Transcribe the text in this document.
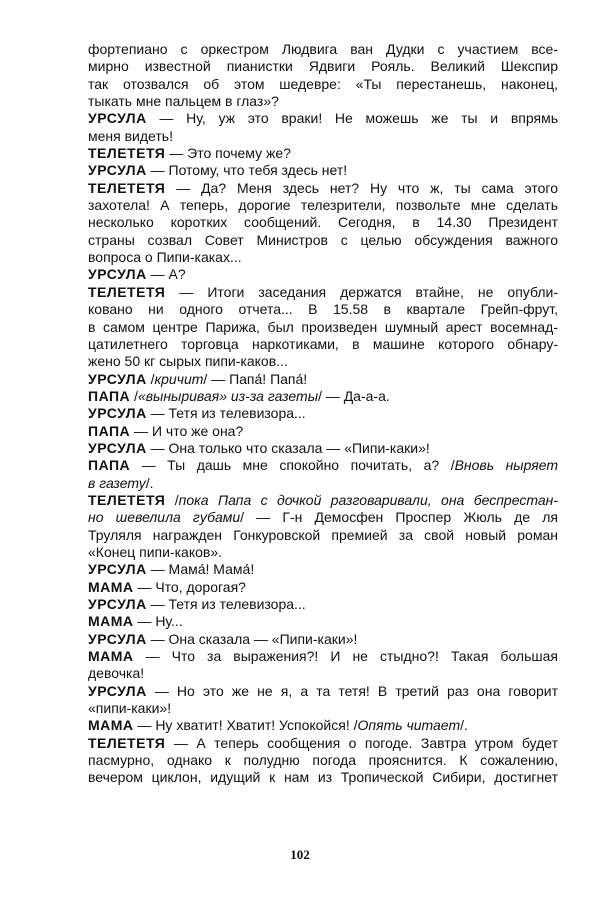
фортепиано с оркестром Людвига ван Дудки с участием все-
мирно известной пианистки Ядвиги Рояль. Великий Шекспир
так отозвался об этом шедевре: «Ты перестанешь, наконец,
тыкать мне пальцем в глаз»?
УРСУЛА — Ну, уж это враки! Не можешь же ты и впрямь
меня видеть!
ТЕЛЕТЕТЯ — Это почему же?
УРСУЛА — Потому, что тебя здесь нет!
ТЕЛЕТЕТЯ — Да? Меня здесь нет? Ну что ж, ты сама этого
захотела! А теперь, дорогие телезрители, позвольте мне сделать
несколько коротких сообщений. Сегодня, в 14.30 Президент
страны созвал Совет Министров с целью обсуждения важного
вопроса о Пипи-каках...
УРСУЛА — А?
ТЕЛЕТЕТЯ — Итоги заседания держатся втайне, не опубли-
ковано ни одного отчета... В 15.58 в квартале Грейп-фрут,
в самом центре Парижа, был произведен шумный арест восемнад-
цатилетнего торговца наркотиками, в машине которого обнару-
жено 50 кг сырых пипи-каков...
УРСУЛА /кричит/ — Папа́! Папа́!
ПАПА /«выныривая» из-за газеты/ — Да-а-а.
УРСУЛА — Тетя из телевизора...
ПАПА — И что же она?
УРСУЛА — Она только что сказала — «Пипи-каки»!
ПАПА — Ты дашь мне спокойно почитать, а? /Вновь ныряет
в газету/.
ТЕЛЕТЕТЯ /пока Папа с дочкой разговаривали, она беспрестан-
но шевелила губами/ — Г-н Демосфен Проспер Жюль де ля
Труляля награжден Гонкуровской премией за свой новый роман
«Конец пипи-каков».
УРСУЛА — Мама́! Мама́!
МАМА — Что, дорогая?
УРСУЛА — Тетя из телевизора...
МАМА — Ну...
УРСУЛА — Она сказала — «Пипи-каки»!
МАМА — Что за выражения?! И не стыдно?! Такая большая
девочка!
УРСУЛА — Но это же не я, а та тетя! В третий раз она говорит
«пипи-каки»!
МАМА — Ну хватит! Хватит! Успокойся! /Опять читает/.
ТЕЛЕТЕТЯ — А теперь сообщения о погоде. Завтра утром будет
пасмурно, однако к полудню погода прояснится. К сожалению,
вечером циклон, идущий к нам из Тропической Сибири, достигнет
102
